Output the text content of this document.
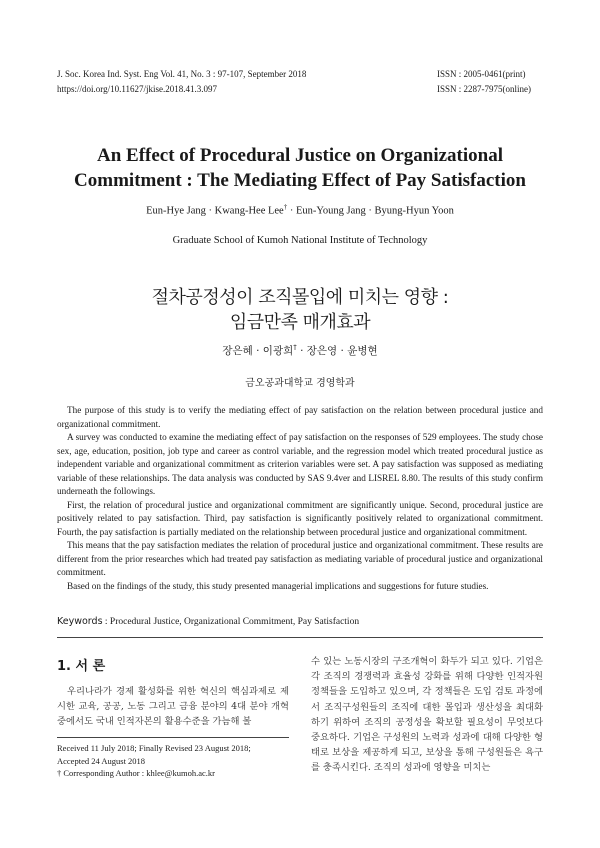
J. Soc. Korea Ind. Syst. Eng Vol. 41, No. 3 : 97-107, September 2018
https://doi.org/10.11627/jkise.2018.41.3.097
ISSN : 2005-0461(print)
ISSN : 2287-7975(online)
An Effect of Procedural Justice on Organizational
Commitment : The Mediating Effect of Pay Satisfaction
Eun-Hye Jang · Kwang-Hee Lee† · Eun-Young Jang · Byung-Hyun Yoon
Graduate School of Kumoh National Institute of Technology
절차공정성이 조직몰입에 미치는 영향 :
임금만족 매개효과
장은혜 · 이광희† · 장은영 · 윤병현
금오공과대학교 경영학과

The purpose of this study is to verify the mediating effect of pay satisfaction on the relation between procedural justice and organizational commitment.

A survey was conducted to examine the mediating effect of pay satisfaction on the responses of 529 employees. The study chose sex, age, education, position, job type and career as control variable, and the regression model which treated procedural justice as independent variable and organizational commitment as criterion variables were set. A pay satisfaction was supposed as mediating variable of these relationships. The data analysis was conducted by SAS 9.4ver and LISREL 8.80. The results of this study confirm underneath the followings.

First, the relation of procedural justice and organizational commitment are significantly unique. Second, procedural justice are positively related to pay satisfaction. Third, pay satisfaction is significantly positively related to organizational commitment. Fourth, the pay satisfaction is partially mediated on the relationship between procedural justice and organizational commitment.

This means that the pay satisfaction mediates the relation of procedural justice and organizational commitment. These results are different from the prior researches which had treated pay satisfaction as mediating variable of procedural justice and organizational commitment.

Based on the findings of the study, this study presented managerial implications and suggestions for future studies.

Keywords : Procedural Justice, Organizational Commitment, Pay Satisfaction
1. 서 론

우리나라가 경제 활성화를 위한 혁신의 핵심과제로 제시한 교육, 공공, 노동 그리고 금융 분야의 4대 분야 개혁 중에서도 국내 인적자본의 활용수준을 가늠해 볼

Received 11 July 2018; Finally Revised 23 August 2018;
Accepted 24 August 2018
† Corresponding Author : khlee@kumoh.ac.kr

수 있는 노동시장의 구조개혁이 화두가 되고 있다. 기업은 각 조직의 경쟁력과 효율성 강화를 위해 다양한 인적자원 정책들을 도입하고 있으며, 각 정책들은 도입 검토 과정에서 조직구성원들의 조직에 대한 몰입과 생산성을 최대화하기 위하여 조직의 공정성을 확보할 필요성이 무엇보다 중요하다. 기업은 구성원의 노력과 성과에 대해 다양한 형태로 보상을 제공하게 되고, 보상을 통해 구성원들은 욕구를 충족시킨다. 조직의 성과에 영향을 미치는
